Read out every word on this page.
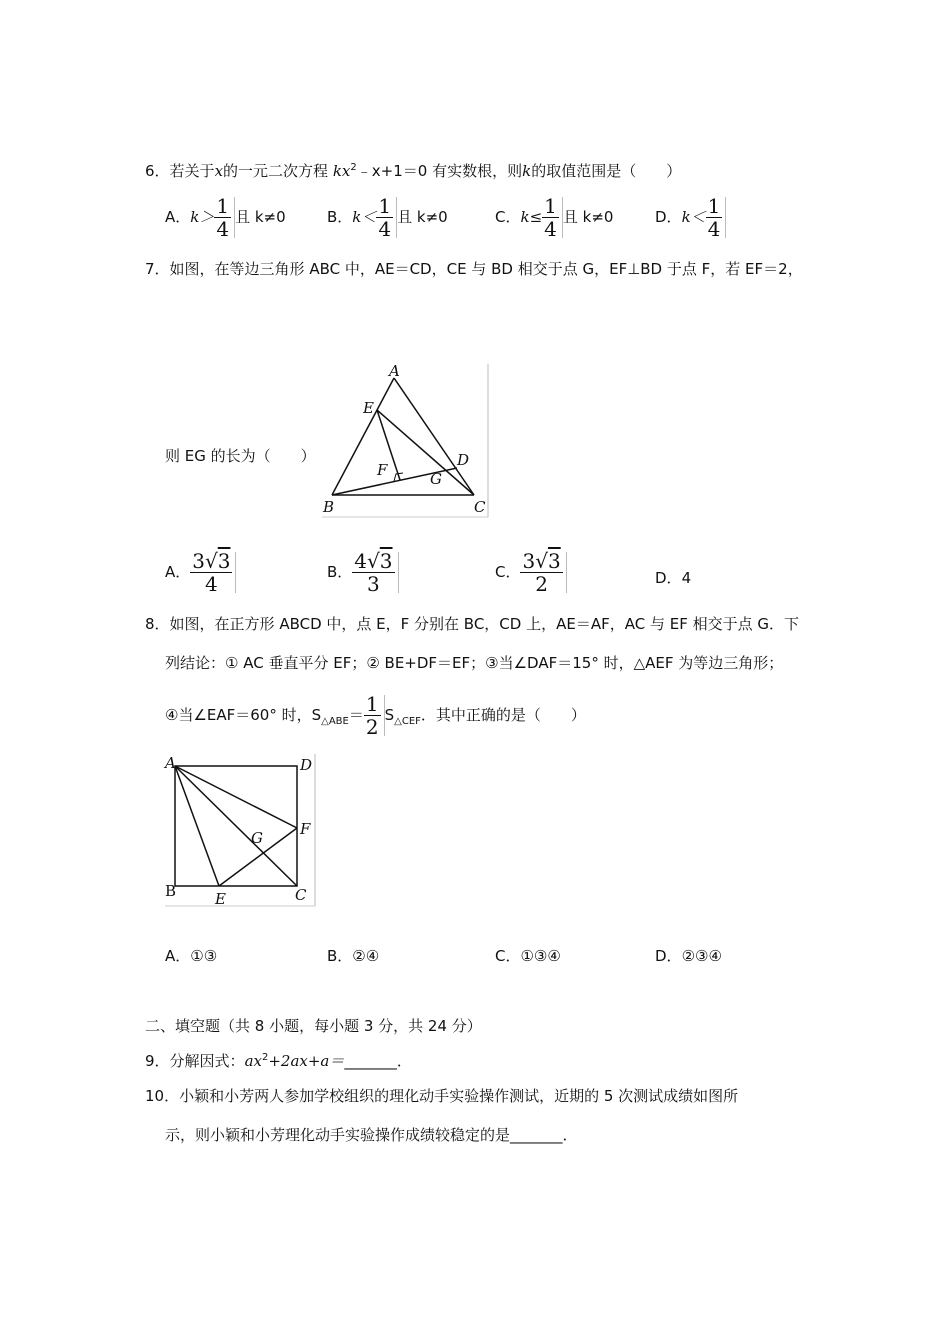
6．若关于x的一元二次方程 $kx^2﹣x+1=0$ 有实数根，则k的取值范围是（　　）
A．$k> \frac{1}{4}$ 且 k≠0	B．$k< \frac{1}{4}$ 且 k≠0	C．$k\le \frac{1}{4}$ 且 k≠0	D．$k< \frac{1}{4}$
7．如图，在等边三角形 ABC 中，AE＝CD，CE 与 BD 相交于点 G，EF⊥BD 于点 F，若 EF＝2，
则 EG 的长为（　　）
A
E
D
F	G
B	C
A． $\frac{3√3}{4}$	B． $\frac{4√3}{3}$	C． $\frac{3√3}{2}$	D．4
8．如图，在正方形 ABCD 中，点 E，F 分别在 BC，CD 上，AE＝AF，AC 与 EF 相交于点 G．下
列结论：① AC 垂直平分 EF；② BE+DF＝EF；③当∠DAF＝15° 时，△AEF 为等边三角形；
④当∠EAF＝60° 时，$S_{\triangle ABE}= \frac{1}{2} S_{\triangle CEF}$．其中正确的是（　　）
A	D
F
G
B	E	C
A．①③	B．②④	C．①③④	D．②③④
二、填空题（共 8 小题，每小题 3 分，共 24 分）
9．分解因式：$ax^2+2ax+a=\_\_\_\_\_\_\_$．
10．小颖和小芳两人参加学校组织的理化动手实验操作测试，近期的 5 次测试成绩如图所
示，则小颖和小芳理化动手实验操作成绩较稳定的是_______．
